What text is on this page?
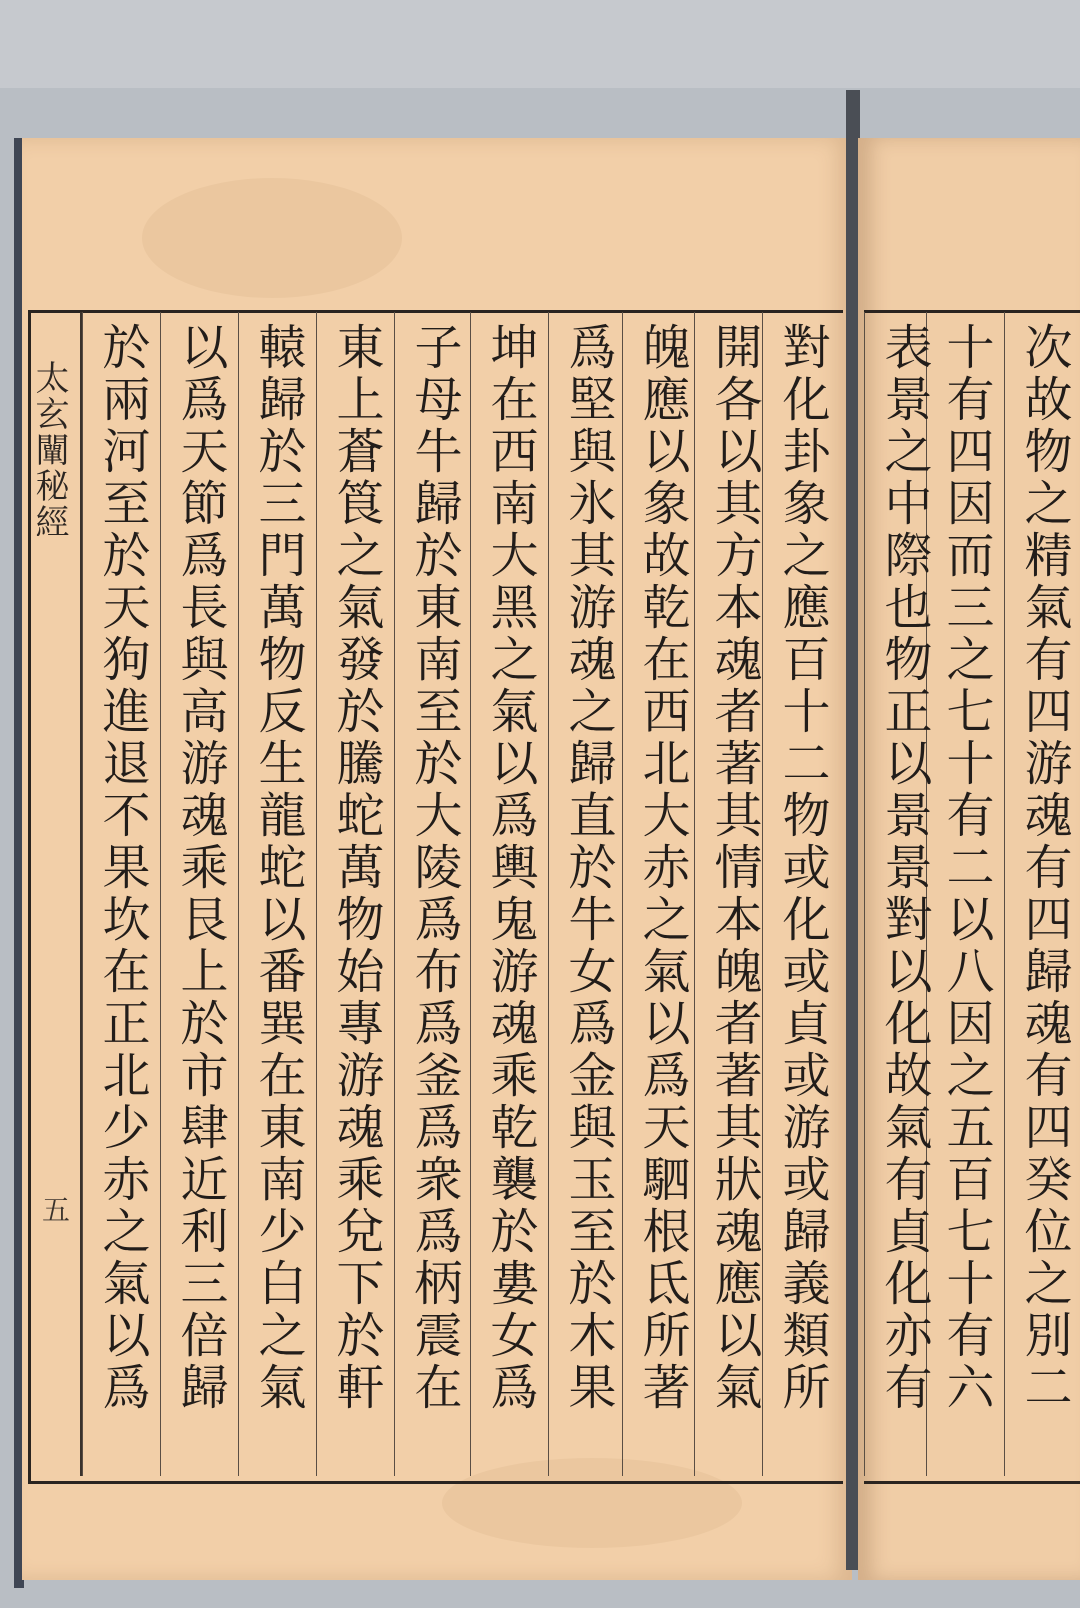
太玄闡秘經
五	對化卦象之應百十二物或化或貞或游或歸義類所
開各以其方本魂者著其情本魄者著其狀魂應以氣
魄應以象故乾在西北大赤之氣以爲天駟根氐所著
爲堅與氷其游魂之歸直於牛女爲金與玉至於木果
坤在西南大黑之氣以爲輿鬼游魂乘乾襲於婁女爲
子母牛歸於東南至於大陵爲布爲釜爲衆爲柄震在
東上蒼筤之氣發於騰蛇萬物始專游魂乘兌下於軒
轅歸於三門萬物反生龍蛇以番巽在東南少白之氣
以爲天節爲長與高游魂乘艮上於市肆近利三倍歸
於兩河至於天狗進退不果坎在正北少赤之氣以爲	次故物之精氣有四游魂有四歸魂有四癸位之別二
十有四因而三之七十有二以八因之五百七十有六
表景之中際也物正以景景對以化故氣有貞化亦有
